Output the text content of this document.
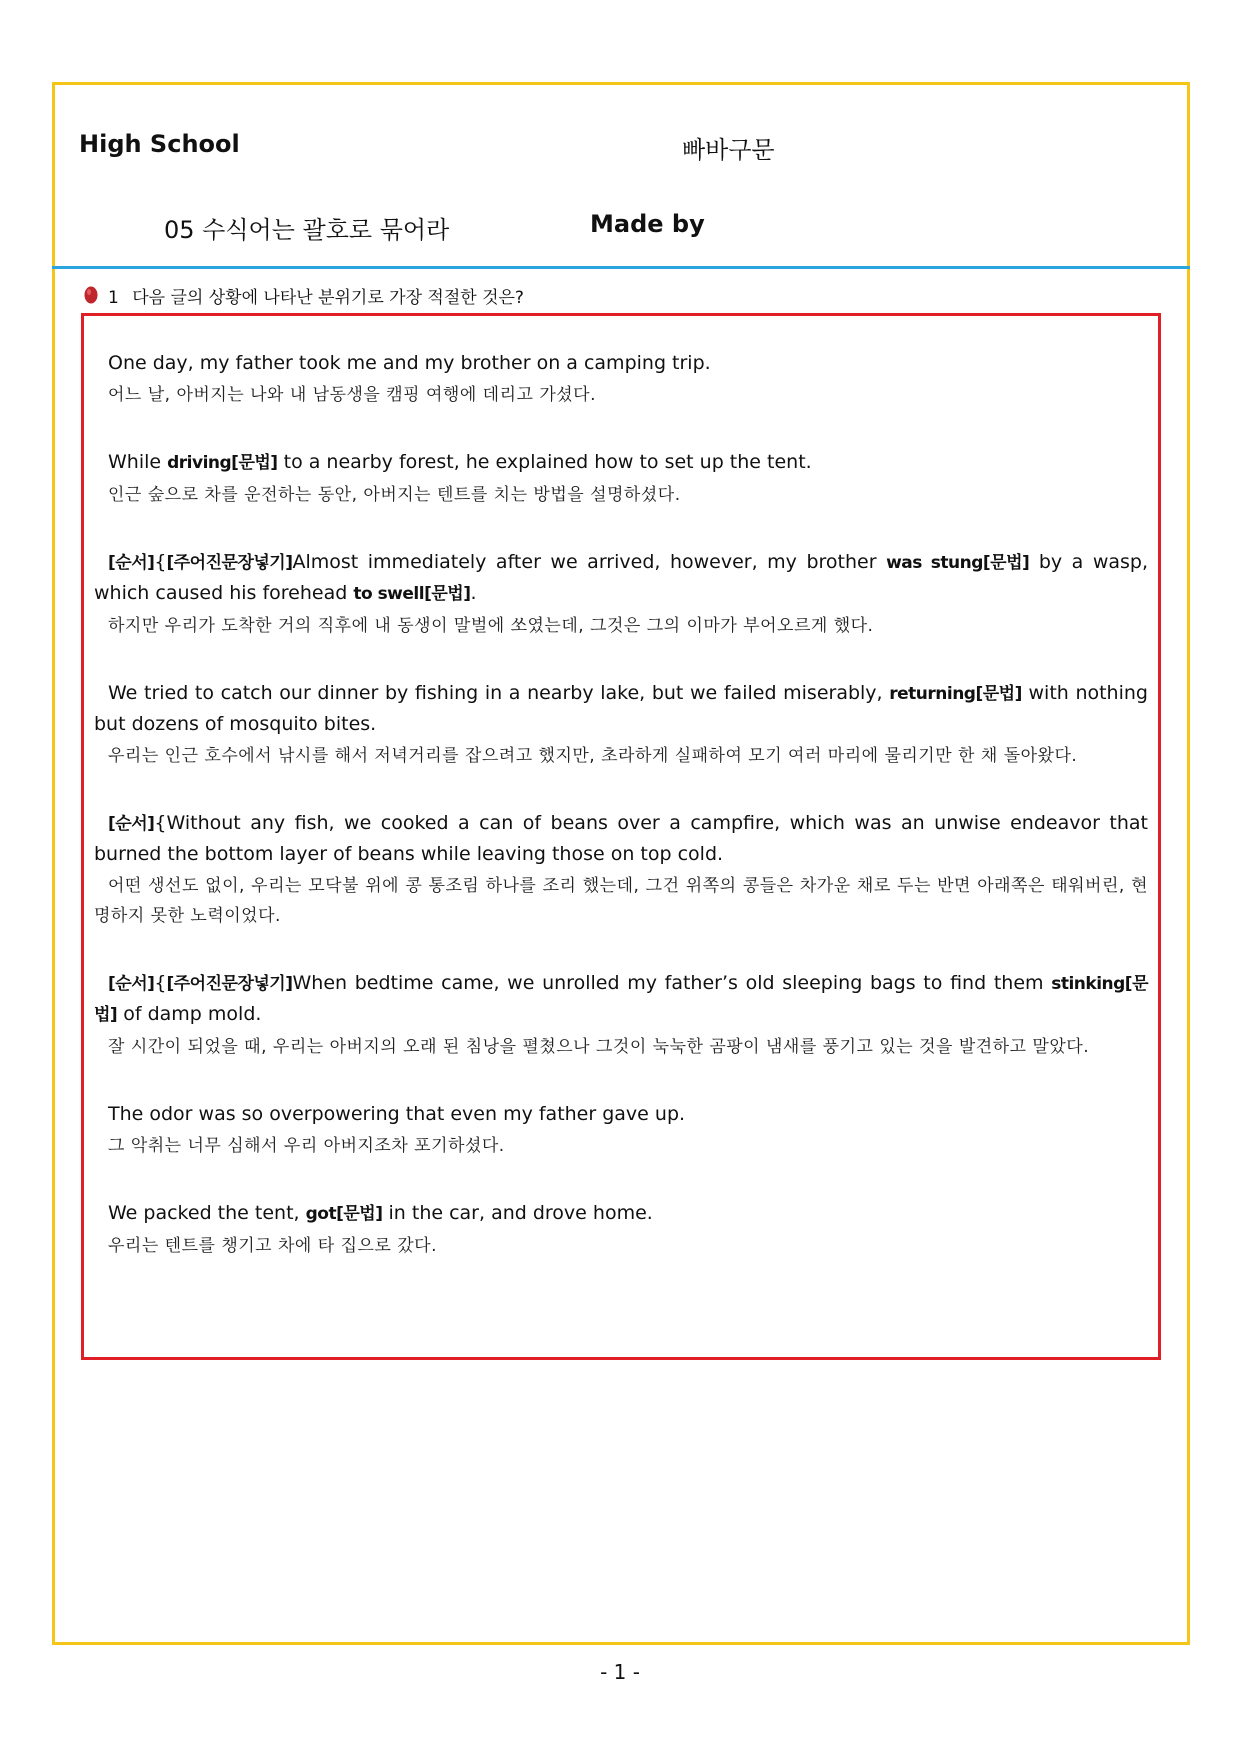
High School	빠바구문
05 수식어는 괄호로 묶어라	Made by
1 다음 글의 상황에 나타난 분위기로 가장 적절한 것은?

One day, my father took me and my brother on a camping trip.

어느 날, 아버지는 나와 내 남동생을 캠핑 여행에 데리고 가셨다.

While driving[문법] to a nearby forest, he explained how to set up the tent.

인근 숲으로 차를 운전하는 동안, 아버지는 텐트를 치는 방법을 설명하셨다.

[순서]{[주어진문장넣기]Almost immediately after we arrived, however, my brother was stung[문법] by a wasp, which caused his forehead to swell[문법].

하지만 우리가 도착한 거의 직후에 내 동생이 말벌에 쏘였는데, 그것은 그의 이마가 부어오르게 했다.

We tried to catch our dinner by fishing in a nearby lake, but we failed miserably, returning[문법] with nothing but dozens of mosquito bites.

우리는 인근 호수에서 낚시를 해서 저녁거리를 잡으려고 했지만, 초라하게 실패하여 모기 여러 마리에 물리기만 한 채 돌아왔다.

[순서]{Without any fish, we cooked a can of beans over a campfire, which was an unwise endeavor that burned the bottom layer of beans while leaving those on top cold.

어떤 생선도 없이, 우리는 모닥불 위에 콩 통조림 하나를 조리 했는데, 그건 위쪽의 콩들은 차가운 채로 두는 반면 아래쪽은 태워버린, 현명하지 못한 노력이었다.

[순서]{[주어진문장넣기]When bedtime came, we unrolled my father’s old sleeping bags to find them stinking[문법] of damp mold.

잘 시간이 되었을 때, 우리는 아버지의 오래 된 침낭을 펼쳤으나 그것이 눅눅한 곰팡이 냄새를 풍기고 있는 것을 발견하고 말았다.

The odor was so overpowering that even my father gave up.

그 악취는 너무 심해서 우리 아버지조차 포기하셨다.

We packed the tent, got[문법] in the car, and drove home.

우리는 텐트를 챙기고 차에 타 집으로 갔다.

- 1 -
